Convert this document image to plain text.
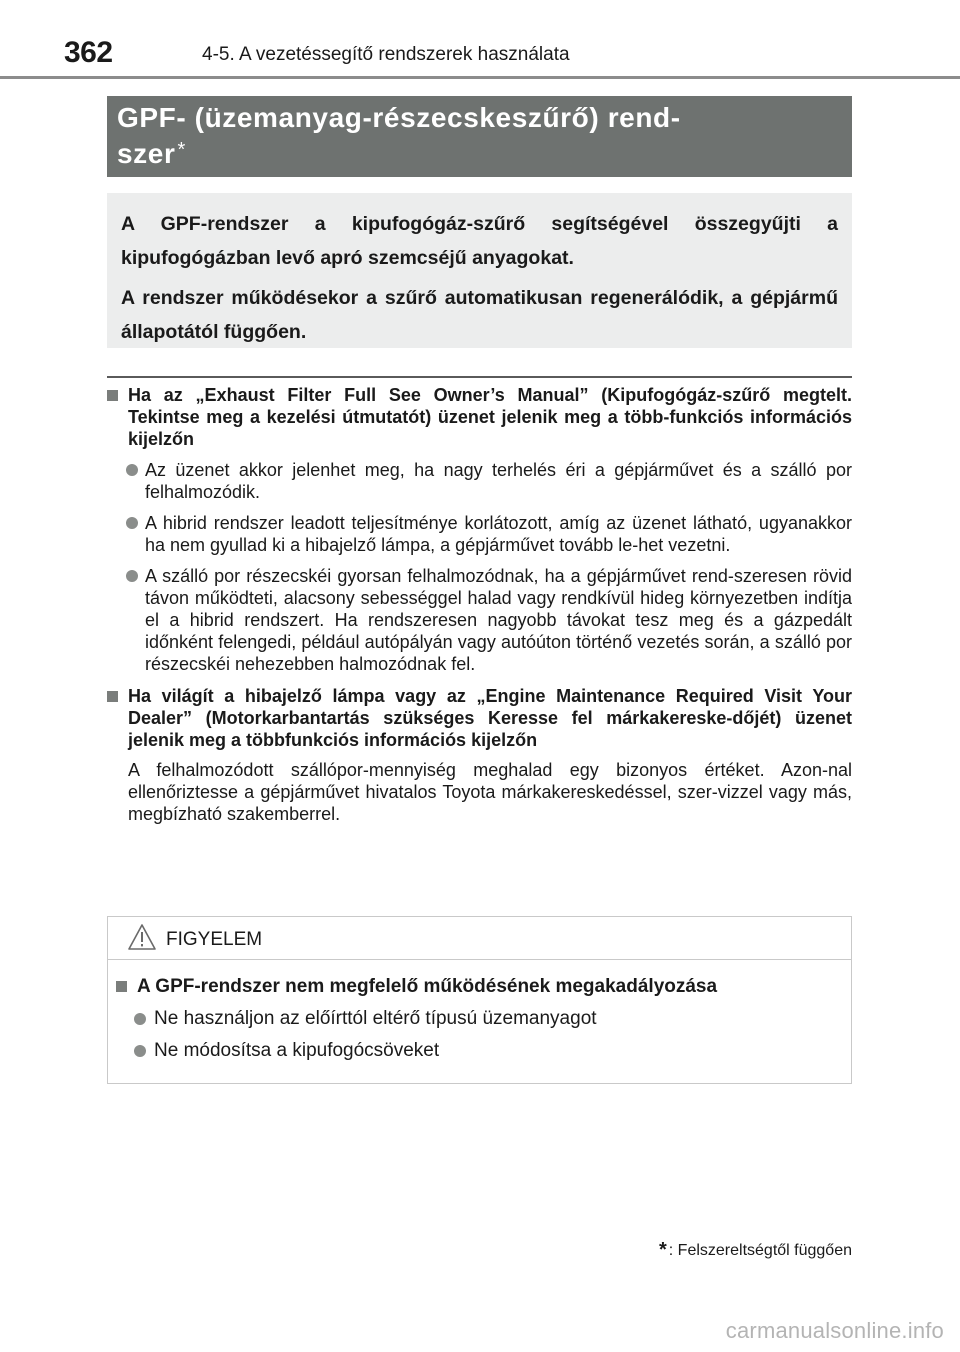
362	4-5. A vezetéssegítő rendszerek használata
GPF- (üzemanyag-részecskeszűrő) rend-
szer *

A GPF-rendszer a kipufogógáz-szűrő segítségével összegyűjti a kipufogógázban levő apró szemcséjű anyagokat.

A rendszer működésekor a szűrő automatikusan regenerálódik, a gépjármű állapotától függően.

Ha az „Exhaust Filter Full See Owner’s Manual” (Kipufogógáz-szűrő megtelt. Tekintse meg a kezelési útmutatót) üzenet jelenik meg a több-funkciós információs kijelzőn
Az üzenet akkor jelenhet meg, ha nagy terhelés éri a gépjárművet és a szálló por felhalmozódik.
A hibrid rendszer leadott teljesítménye korlátozott, amíg az üzenet látható, ugyanakkor ha nem gyullad ki a hibajelző lámpa, a gépjárművet tovább le-het vezetni.
A szálló por részecskéi gyorsan felhalmozódnak, ha a gépjárművet rend-szeresen rövid távon működteti, alacsony sebességgel halad vagy rendkívül hideg környezetben indítja el a hibrid rendszert. Ha rendszeresen nagyobb távokat tesz meg és a gázpedált időnként felengedi, például autópályán vagy autóúton történő vezetés során, a szálló por részecskéi nehezebben halmozódnak fel.
Ha világít a hibajelző lámpa vagy az „Engine Maintenance Required Visit Your Dealer” (Motorkarbantartás szükséges Keresse fel márkakereske-dőjét) üzenet jelenik meg a többfunkciós információs kijelzőn
A felhalmozódott szállópor-mennyiség meghalad egy bizonyos értéket. Azon-nal ellenőriztesse a gépjárművet hivatalos Toyota márkakereskedéssel, szer-vizzel vagy más, megbízható szakemberrel.
FIGYELEM
A GPF-rendszer nem megfelelő működésének megakadályozása
Ne használjon az előírttól eltérő típusú üzemanyagot
Ne módosítsa a kipufogócsöveket
* : Felszereltségtől függően
carmanualsonline.info
